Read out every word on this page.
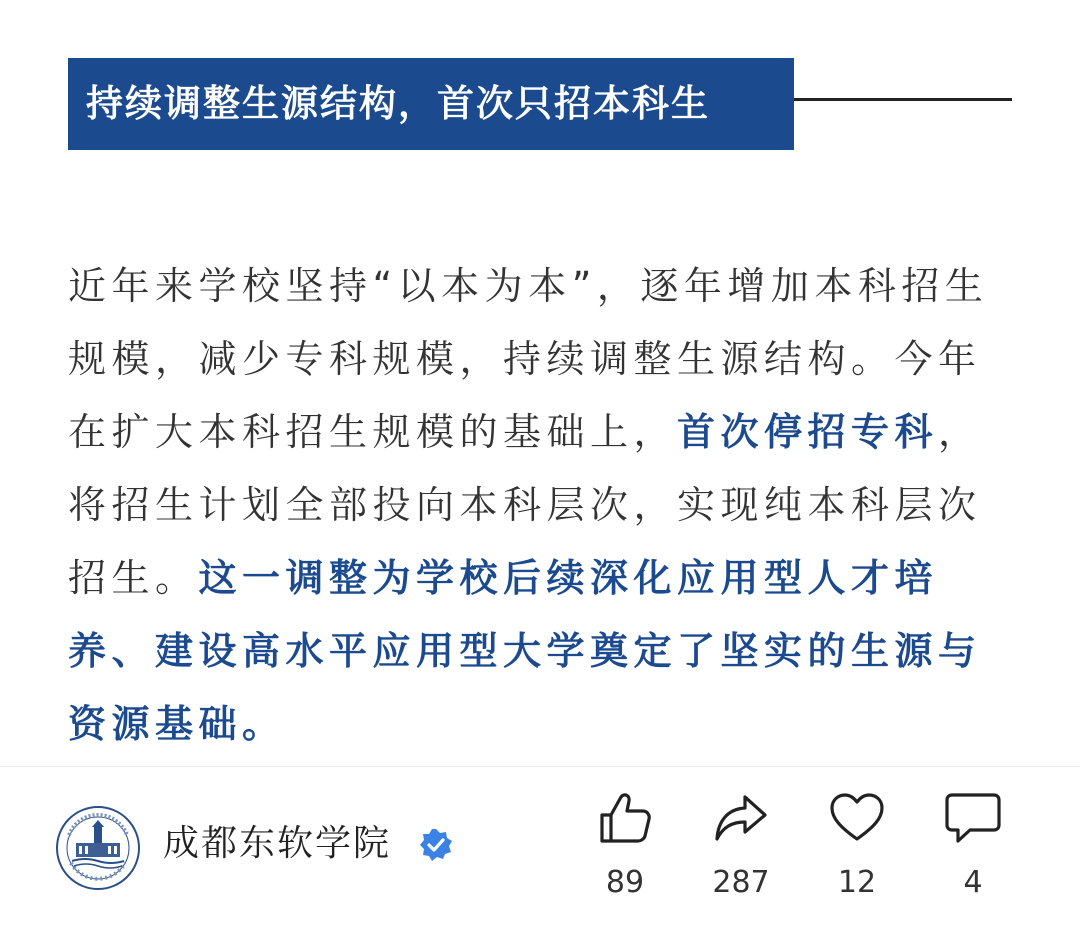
持续调整生源结构，首次只招本科生
近年来学校坚持“以本为本”，逐年增加本科招生
规模，减少专科规模，持续调整生源结构。今年
在扩大本科招生规模的基础上，首次停招专科，
将招生计划全部投向本科层次，实现纯本科层次
招生。这一调整为学校后续深化应用型人才培
养、建设高水平应用型大学奠定了坚实的生源与
资源基础。
成都东软学院
89	287	12	4
